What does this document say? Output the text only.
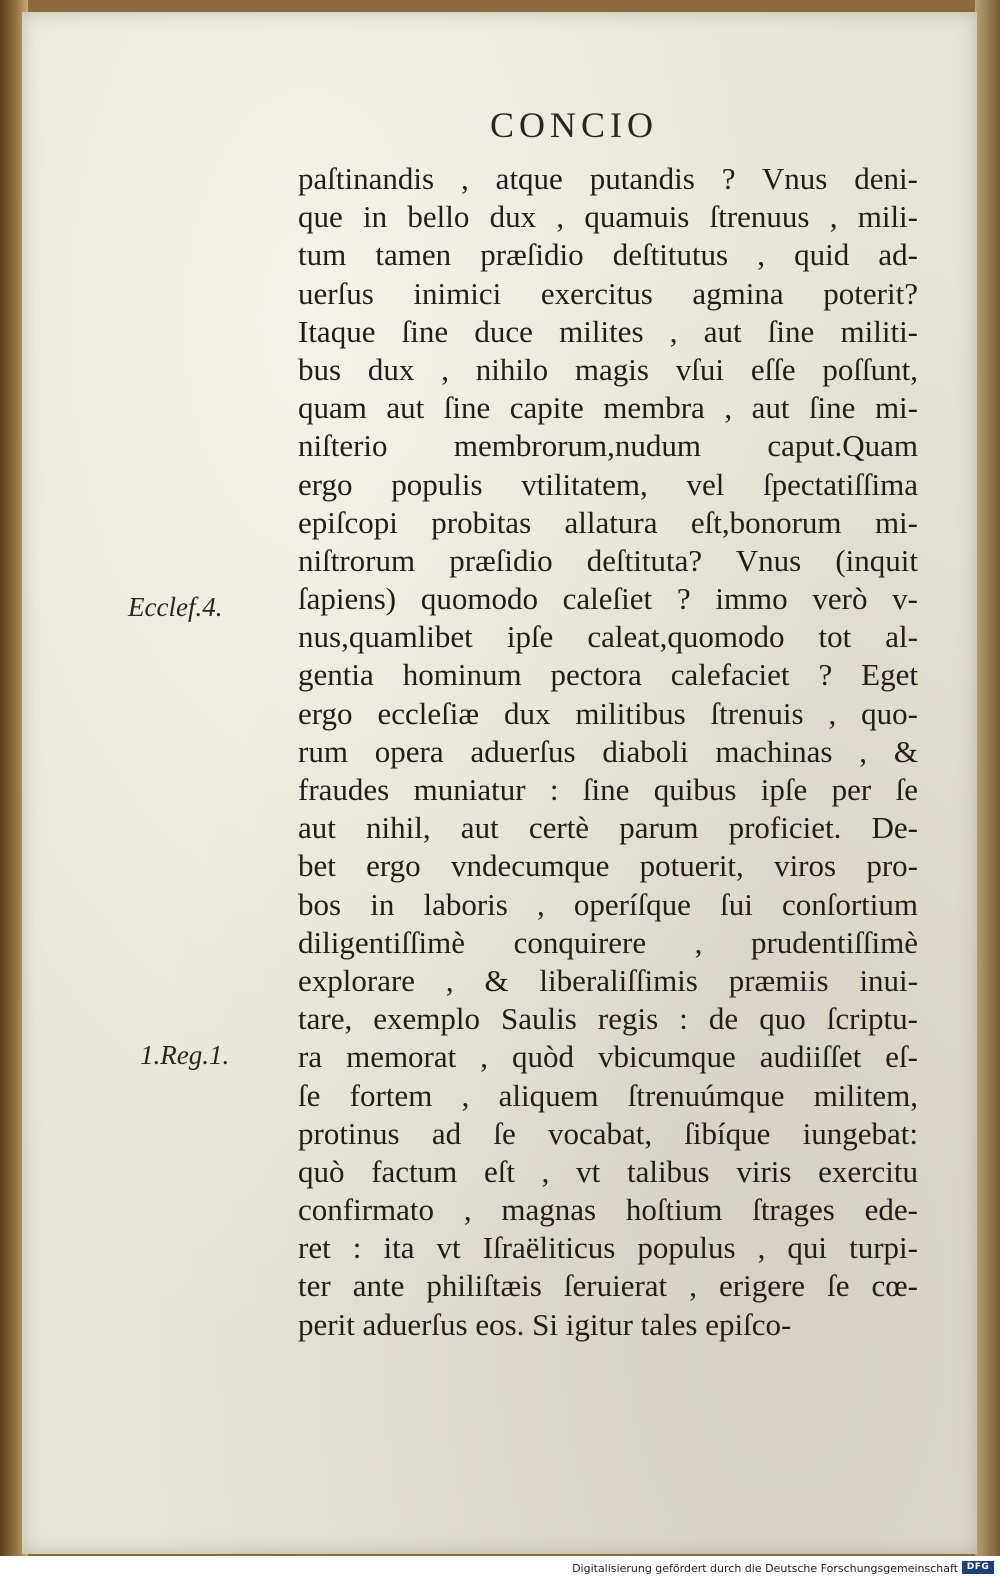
CONCIO
Ecclef.4.
1.Reg.1.
paſtinandis , atque putandis ? Vnus deni-
que in bello dux , quamuis ſtrenuus , mili-
tum tamen præſidio deſtitutus , quid ad-
uerſus inimici exercitus agmina poterit?
Itaque ſine duce milites , aut ſine militi-
bus dux , nihilo magis vſui eſſe poſſunt,
quam aut ſine capite membra , aut ſine mi-
niſterio membrorum,nudum caput.Quam
ergo populis vtilitatem, vel ſpectatiſſima
epiſcopi probitas allatura eſt,bonorum mi-
niſtrorum præſidio deſtituta? Vnus (inquit
ſapiens) quomodo caleſiet ? immo verò v-
nus,quamlibet ipſe caleat,quomodo tot al-
gentia hominum pectora calefaciet ? Eget
ergo eccleſiæ dux militibus ſtrenuis , quo-
rum opera aduerſus diaboli machinas , &
fraudes muniatur : ſine quibus ipſe per ſe
aut nihil, aut certè parum proficiet. De-
bet ergo vndecumque potuerit, viros pro-
bos in laboris , operíſque ſui conſortium
diligentiſſimè conquirere , prudentiſſimè
explorare , & liberaliſſimis præmiis inui-
tare, exemplo Saulis regis : de quo ſcriptu-
ra memorat , quòd vbicumque audiiſſet eſ-
ſe fortem , aliquem ſtrenuúmque militem,
protinus ad ſe vocabat, ſibíque iungebat:
quò factum eſt , vt talibus viris exercitu
confirmato , magnas hoſtium ſtrages ede-
ret : ita vt Iſraëliticus populus , qui turpi-
ter ante philiſtæis ſeruierat , erigere ſe cœ-
perit aduerſus eos. Si igitur tales epiſco-
Digitalisierung gefördert durch die Deutsche Forschungsgemeinschaft DFG
